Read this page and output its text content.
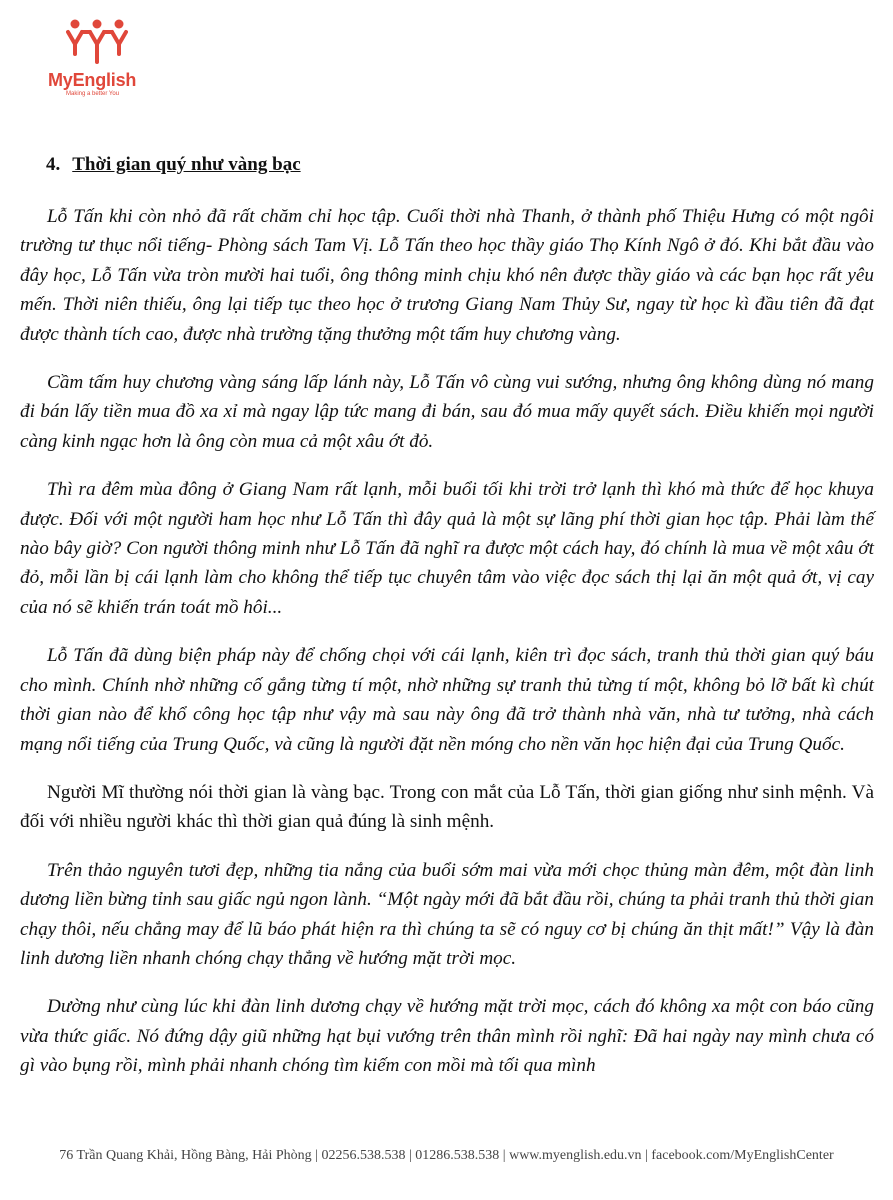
MyEnglish
Making a better You
4. Thời gian quý như vàng bạc

Lỗ Tấn khi còn nhỏ đã rất chăm chỉ học tập. Cuối thời nhà Thanh, ở thành phố Thiệu Hưng có một ngôi trường tư thục nổi tiếng- Phòng sách Tam Vị. Lỗ Tấn theo học thầy giáo Thọ Kính Ngô ở đó. Khi bắt đầu vào đây học, Lỗ Tấn vừa tròn mười hai tuổi, ông thông minh chịu khó nên được thầy giáo và các bạn học rất yêu mến. Thời niên thiếu, ông lại tiếp tục theo học ở trương Giang Nam Thủy Sư, ngay từ học kì đầu tiên đã đạt được thành tích cao, được nhà trường tặng thưởng một tấm huy chương vàng.

Cầm tấm huy chương vàng sáng lấp lánh này, Lỗ Tấn vô cùng vui sướng, nhưng ông không dùng nó mang đi bán lấy tiền mua đồ xa xỉ mà ngay lập tức mang đi bán, sau đó mua mấy quyết sách. Điều khiến mọi người càng kinh ngạc hơn là ông còn mua cả một xâu ớt đỏ.

Thì ra đêm mùa đông ở Giang Nam rất lạnh, mỗi buổi tối khi trời trở lạnh thì khó mà thức để học khuya được. Đối với một người ham học như Lỗ Tấn thì đây quả là một sự lãng phí thời gian học tập. Phải làm thế nào bây giờ? Con người thông minh như Lỗ Tấn đã nghĩ ra được một cách hay, đó chính là mua về một xâu ớt đỏ, mỗi lần bị cái lạnh làm cho không thể tiếp tục chuyên tâm vào việc đọc sách thị lại ăn một quả ớt, vị cay của nó sẽ khiến trán toát mồ hôi...

Lỗ Tấn đã dùng biện pháp này để chống chọi với cái lạnh, kiên trì đọc sách, tranh thủ thời gian quý báu cho mình. Chính nhờ những cố gắng từng tí một, nhờ những sự tranh thủ từng tí một, không bỏ lỡ bất kì chút thời gian nào để khổ công học tập như vậy mà sau này ông đã trở thành nhà văn, nhà tư tưởng, nhà cách mạng nổi tiếng của Trung Quốc, và cũng là người đặt nền móng cho nền văn học hiện đại của Trung Quốc.

Người Mĩ thường nói thời gian là vàng bạc. Trong con mắt của Lỗ Tấn, thời gian giống như sinh mệnh. Và đối với nhiều người khác thì thời gian quả đúng là sinh mệnh.

Trên thảo nguyên tươi đẹp, những tia nắng của buổi sớm mai vừa mới chọc thủng màn đêm, một đàn linh dương liền bừng tỉnh sau giấc ngủ ngon lành. “Một ngày mới đã bắt đầu rồi, chúng ta phải tranh thủ thời gian chạy thôi, nếu chẳng may để lũ báo phát hiện ra thì chúng ta sẽ có nguy cơ bị chúng ăn thịt mất!” Vậy là đàn linh dương liền nhanh chóng chạy thẳng về hướng mặt trời mọc.

Dường như cùng lúc khi đàn linh dương chạy về hướng mặt trời mọc, cách đó không xa một con báo cũng vừa thức giấc. Nó đứng dậy giũ những hạt bụi vướng trên thân mình rồi nghĩ: Đã hai ngày nay mình chưa có gì vào bụng rồi, mình phải nhanh chóng tìm kiếm con mồi mà tối qua mình

76 Trần Quang Khải, Hồng Bàng, Hải Phòng | 02256.538.538 | 01286.538.538 | www.myenglish.edu.vn | facebook.com/MyEnglishCenter
